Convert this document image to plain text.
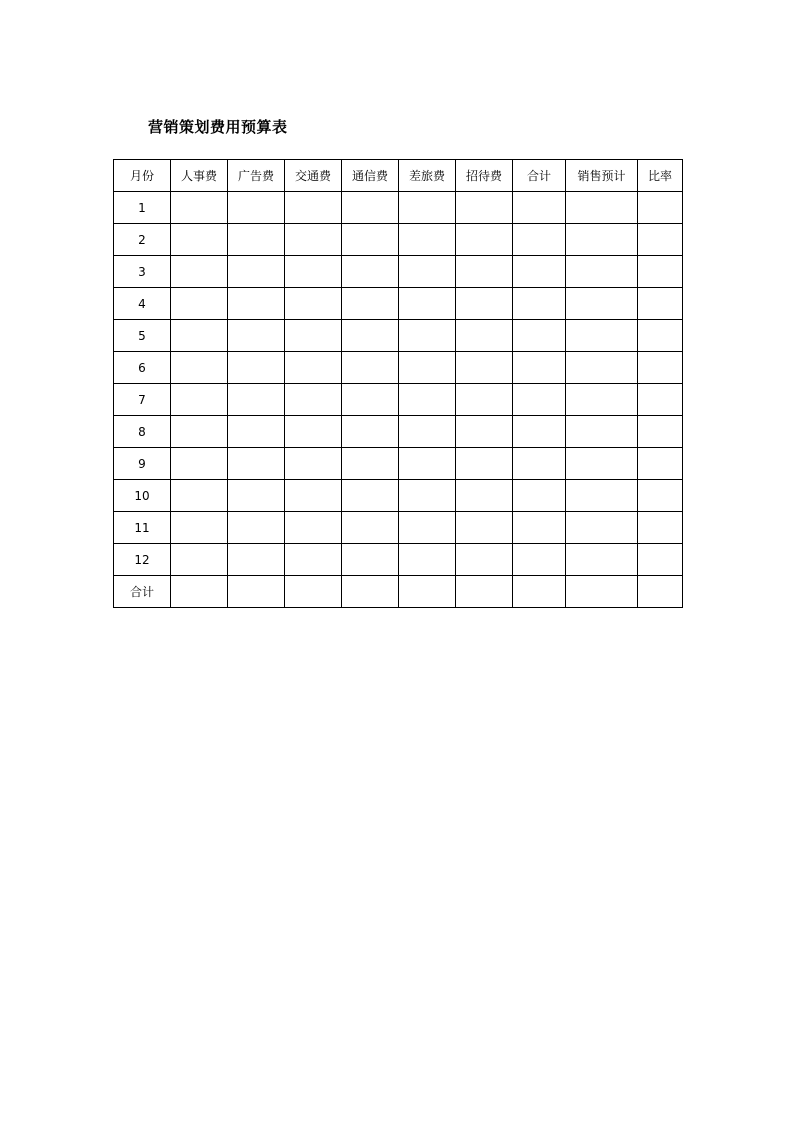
营销策划费用预算表
月份	人事费	广告费	交通费	通信费	差旅费	招待费	合计	销售预计	比率
1									
2									
3									
4									
5									
6									
7									
8									
9									
10									
11									
12									
合计									
